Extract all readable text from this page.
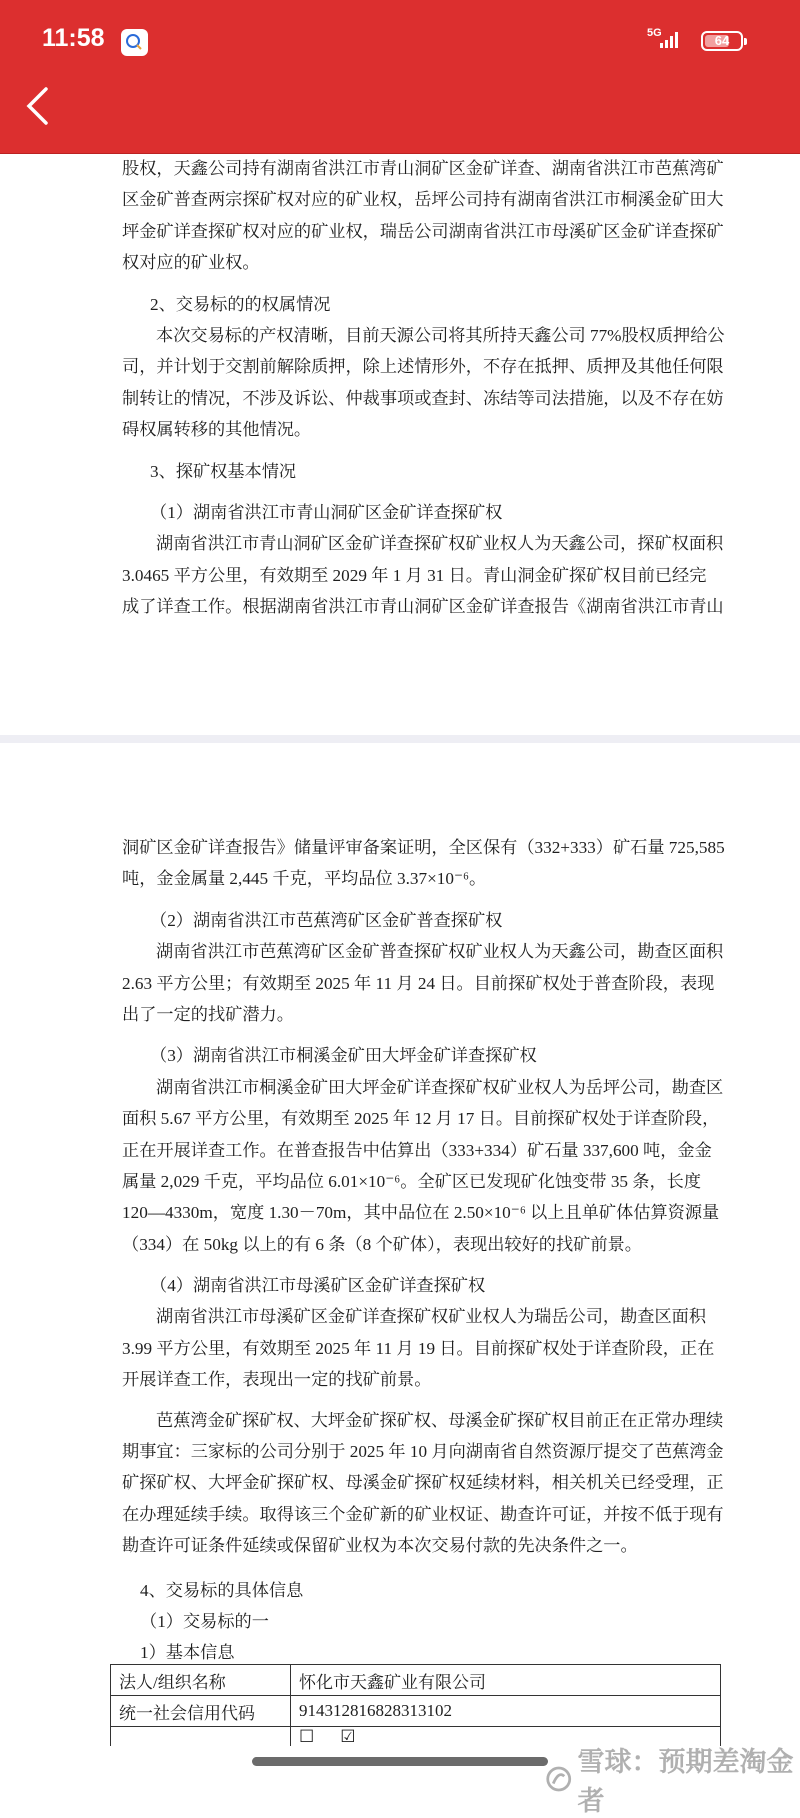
11:58	5G	64
股权，天鑫公司持有湖南省洪江市青山洞矿区金矿详查、湖南省洪江市芭蕉湾矿
区金矿普查两宗探矿权对应的矿业权，岳坪公司持有湖南省洪江市桐溪金矿田大
坪金矿详查探矿权对应的矿业权，瑞岳公司湖南省洪江市母溪矿区金矿详查探矿
权对应的矿业权。
2、交易标的的权属情况
本次交易标的产权清晰，目前天源公司将其所持天鑫公司 77%股权质押给公
司，并计划于交割前解除质押，除上述情形外，不存在抵押、质押及其他任何限
制转让的情况，不涉及诉讼、仲裁事项或查封、冻结等司法措施，以及不存在妨
碍权属转移的其他情况。
3、探矿权基本情况
（1）湖南省洪江市青山洞矿区金矿详查探矿权
湖南省洪江市青山洞矿区金矿详查探矿权矿业权人为天鑫公司，探矿权面积
3.0465 平方公里，有效期至 2029 年 1 月 31 日。青山洞金矿探矿权目前已经完
成了详查工作。根据湖南省洪江市青山洞矿区金矿详查报告《湖南省洪江市青山
洞矿区金矿详查报告》储量评审备案证明，全区保有（332+333）矿石量 725,585
吨，金金属量 2,445 千克，平均品位 3.37×10⁻⁶。
（2）湖南省洪江市芭蕉湾矿区金矿普查探矿权
湖南省洪江市芭蕉湾矿区金矿普查探矿权矿业权人为天鑫公司，勘查区面积
2.63 平方公里；有效期至 2025 年 11 月 24 日。目前探矿权处于普查阶段，表现
出了一定的找矿潜力。
（3）湖南省洪江市桐溪金矿田大坪金矿详查探矿权
湖南省洪江市桐溪金矿田大坪金矿详查探矿权矿业权人为岳坪公司，勘查区
面积 5.67 平方公里，有效期至 2025 年 12 月 17 日。目前探矿权处于详查阶段，
正在开展详查工作。在普查报告中估算出（333+334）矿石量 337,600 吨，金金
属量 2,029 千克，平均品位 6.01×10⁻⁶。全矿区已发现矿化蚀变带 35 条，长度
120—4330m，宽度 1.30－70m，其中品位在 2.50×10⁻⁶ 以上且单矿体估算资源量
（334）在 50kg 以上的有 6 条（8 个矿体），表现出较好的找矿前景。
（4）湖南省洪江市母溪矿区金矿详查探矿权
湖南省洪江市母溪矿区金矿详查探矿权矿业权人为瑞岳公司，勘查区面积
3.99 平方公里，有效期至 2025 年 11 月 19 日。目前探矿权处于详查阶段，正在
开展详查工作，表现出一定的找矿前景。
芭蕉湾金矿探矿权、大坪金矿探矿权、母溪金矿探矿权目前正在正常办理续
期事宜：三家标的公司分别于 2025 年 10 月向湖南省自然资源厅提交了芭蕉湾金
矿探矿权、大坪金矿探矿权、母溪金矿探矿权延续材料，相关机关已经受理，正
在办理延续手续。取得该三个金矿新的矿业权证、勘查许可证，并按不低于现有
勘查许可证条件延续或保留矿业权为本次交易付款的先决条件之一。
4、交易标的具体信息
（1）交易标的一
1）基本信息
法人/组织名称	怀化市天鑫矿业有限公司
统一社会信用代码	914312816828313102
	☐ ☑
雪球：预期差淘金者
